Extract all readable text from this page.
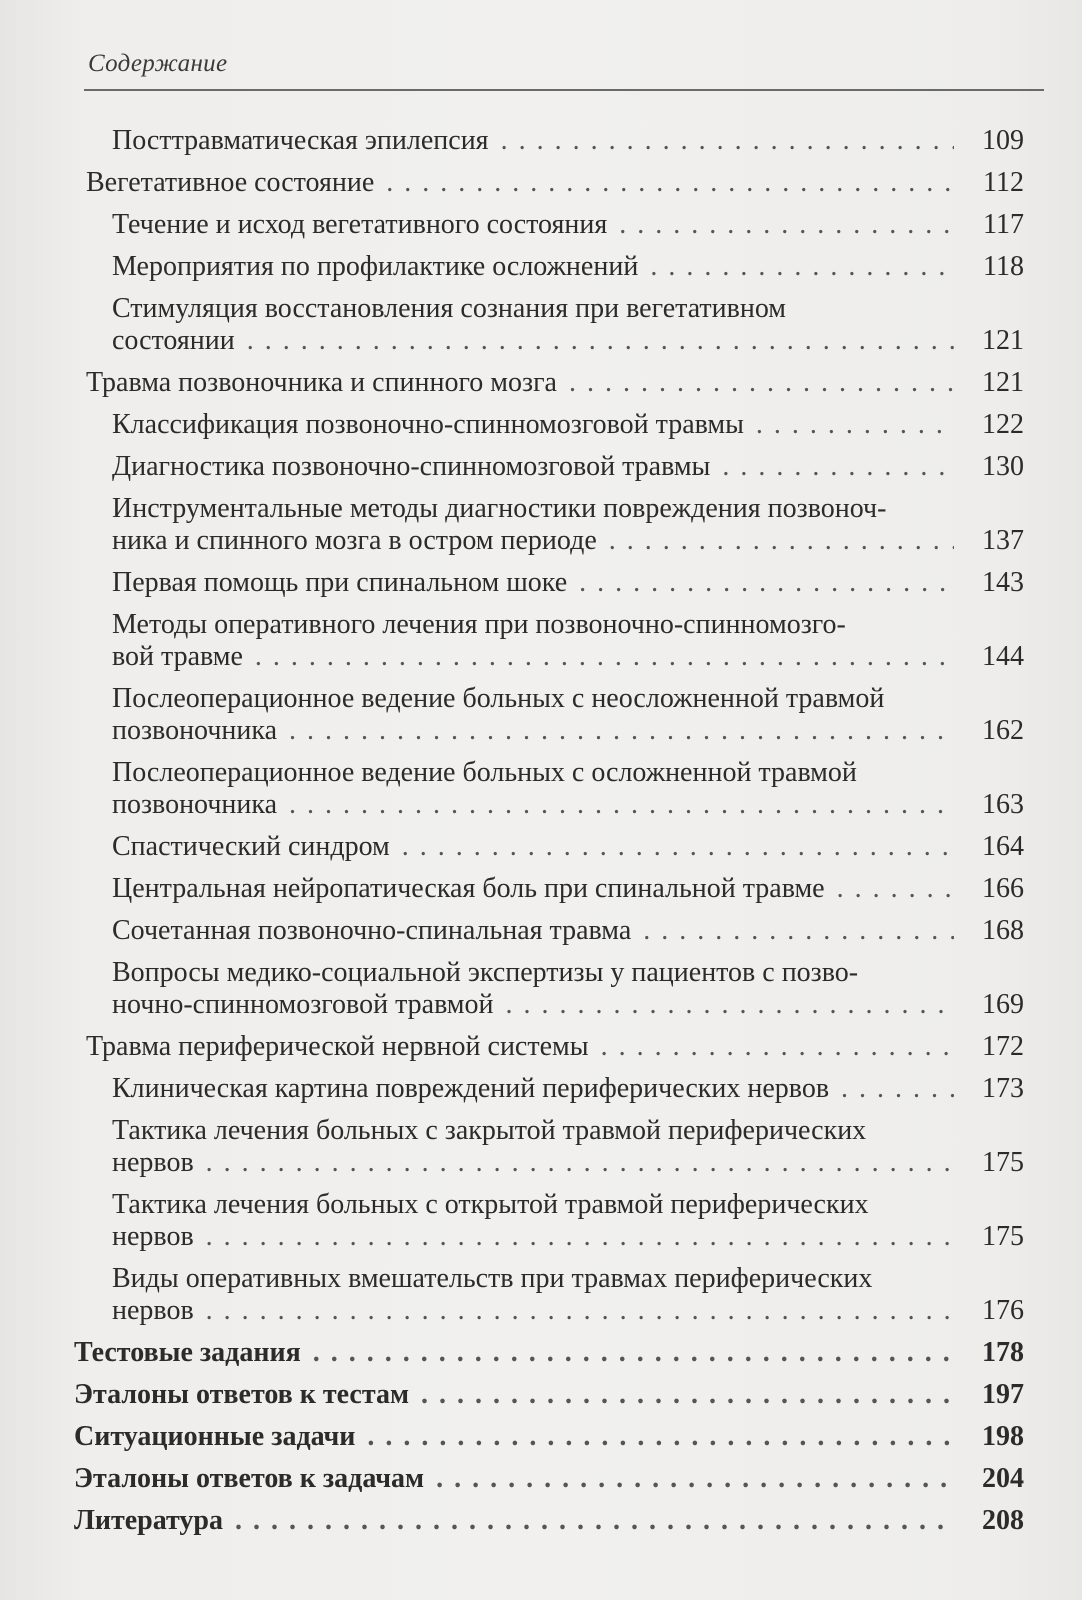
Содержание
Посттравматическая эпилепсия . . .	109
Вегетативное состояние . . .	112
Течение и исход вегетативного состояния . . .	117
Мероприятия по профилактике осложнений . . .	118
Стимуляция восстановления сознания при вегетативном
состоянии . . .	121
Травма позвоночника и спинного мозга . . .	121
Классификация позвоночно-спинномозговой травмы . . .	122
Диагностика позвоночно-спинномозговой травмы . . .	130
Инструментальные методы диагностики повреждения позвоноч-
ника и спинного мозга в остром периоде . . .	137
Первая помощь при спинальном шоке . . .	143
Методы оперативного лечения при позвоночно-спинномозго-
вой травме . . .	144
Послеоперационное ведение больных с неосложненной травмой
позвоночника . . .	162
Послеоперационное ведение больных с осложненной травмой
позвоночника . . .	163
Спастический синдром . . .	164
Центральная нейропатическая боль при спинальной травме . . .	166
Сочетанная позвоночно-спинальная травма . . .	168
Вопросы медико-социальной экспертизы у пациентов с позво-
ночно-спинномозговой травмой . . .	169
Травма периферической нервной системы . . .	172
Клиническая картина повреждений периферических нервов . . .	173
Тактика лечения больных с закрытой травмой периферических
нервов . . .	175
Тактика лечения больных с открытой травмой периферических
нервов . . .	175
Виды оперативных вмешательств при травмах периферических
нервов . . .	176
Тестовые задания . . .	178
Эталоны ответов к тестам . . .	197
Ситуационные задачи . . .	198
Эталоны ответов к задачам . . .	204
Литература . . .	208
